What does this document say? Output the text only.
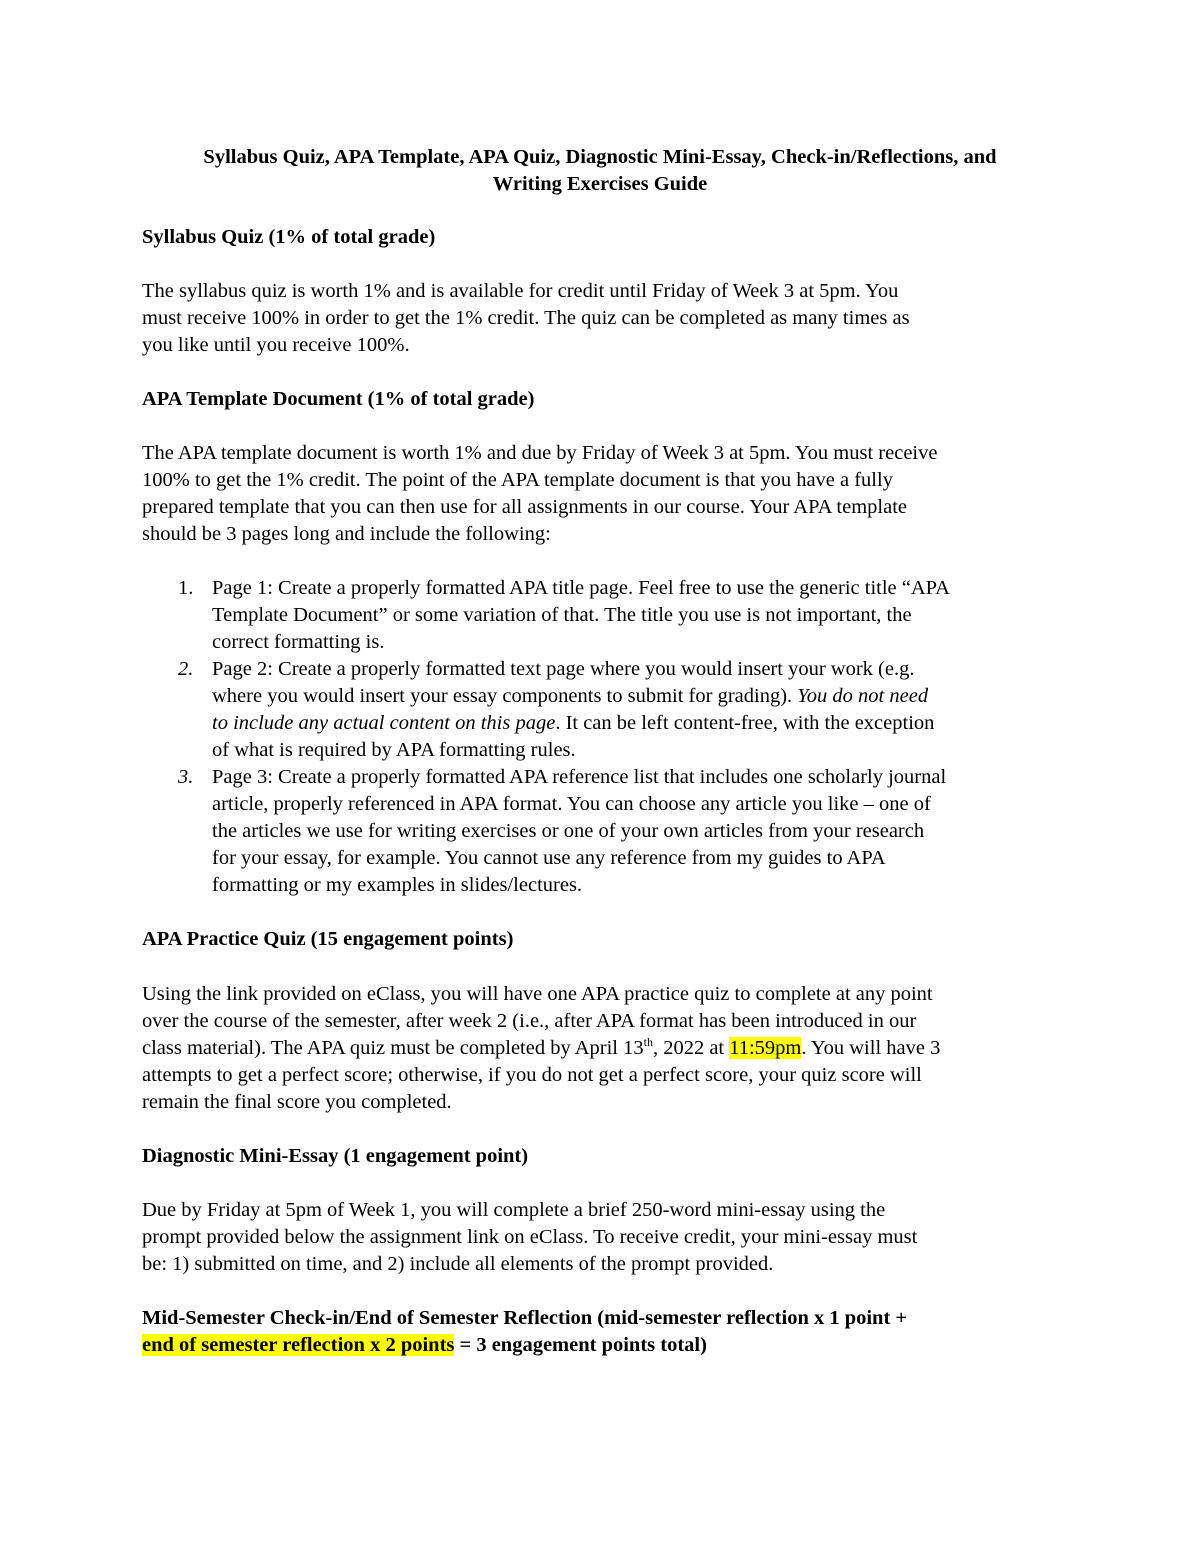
Syllabus Quiz, APA Template, APA Quiz, Diagnostic Mini-Essay, Check-in/Reflections, and
Writing Exercises Guide
Syllabus Quiz (1% of total grade)
The syllabus quiz is worth 1% and is available for credit until Friday of Week 3 at 5pm. You
must receive 100% in order to get the 1% credit. The quiz can be completed as many times as
you like until you receive 100%.
APA Template Document (1% of total grade)
The APA template document is worth 1% and due by Friday of Week 3 at 5pm. You must receive
100% to get the 1% credit. The point of the APA template document is that you have a fully
prepared template that you can then use for all assignments in our course. Your APA template
should be 3 pages long and include the following:
1. Page 1: Create a properly formatted APA title page. Feel free to use the generic title “APA
Template Document” or some variation of that. The title you use is not important, the
correct formatting is.
2. Page 2: Create a properly formatted text page where you would insert your work (e.g.
where you would insert your essay components to submit for grading). You do not need
to include any actual content on this page. It can be left content-free, with the exception
of what is required by APA formatting rules.
3. Page 3: Create a properly formatted APA reference list that includes one scholarly journal
article, properly referenced in APA format. You can choose any article you like – one of
the articles we use for writing exercises or one of your own articles from your research
for your essay, for example. You cannot use any reference from my guides to APA
formatting or my examples in slides/lectures.
APA Practice Quiz (15 engagement points)
Using the link provided on eClass, you will have one APA practice quiz to complete at any point
over the course of the semester, after week 2 (i.e., after APA format has been introduced in our
class material). The APA quiz must be completed by April 13th, 2022 at 11:59pm. You will have 3
attempts to get a perfect score; otherwise, if you do not get a perfect score, your quiz score will
remain the final score you completed.
Diagnostic Mini-Essay (1 engagement point)
Due by Friday at 5pm of Week 1, you will complete a brief 250-word mini-essay using the
prompt provided below the assignment link on eClass. To receive credit, your mini-essay must
be: 1) submitted on time, and 2) include all elements of the prompt provided.
Mid-Semester Check-in/End of Semester Reflection (mid-semester reflection x 1 point +
end of semester reflection x 2 points = 3 engagement points total)
